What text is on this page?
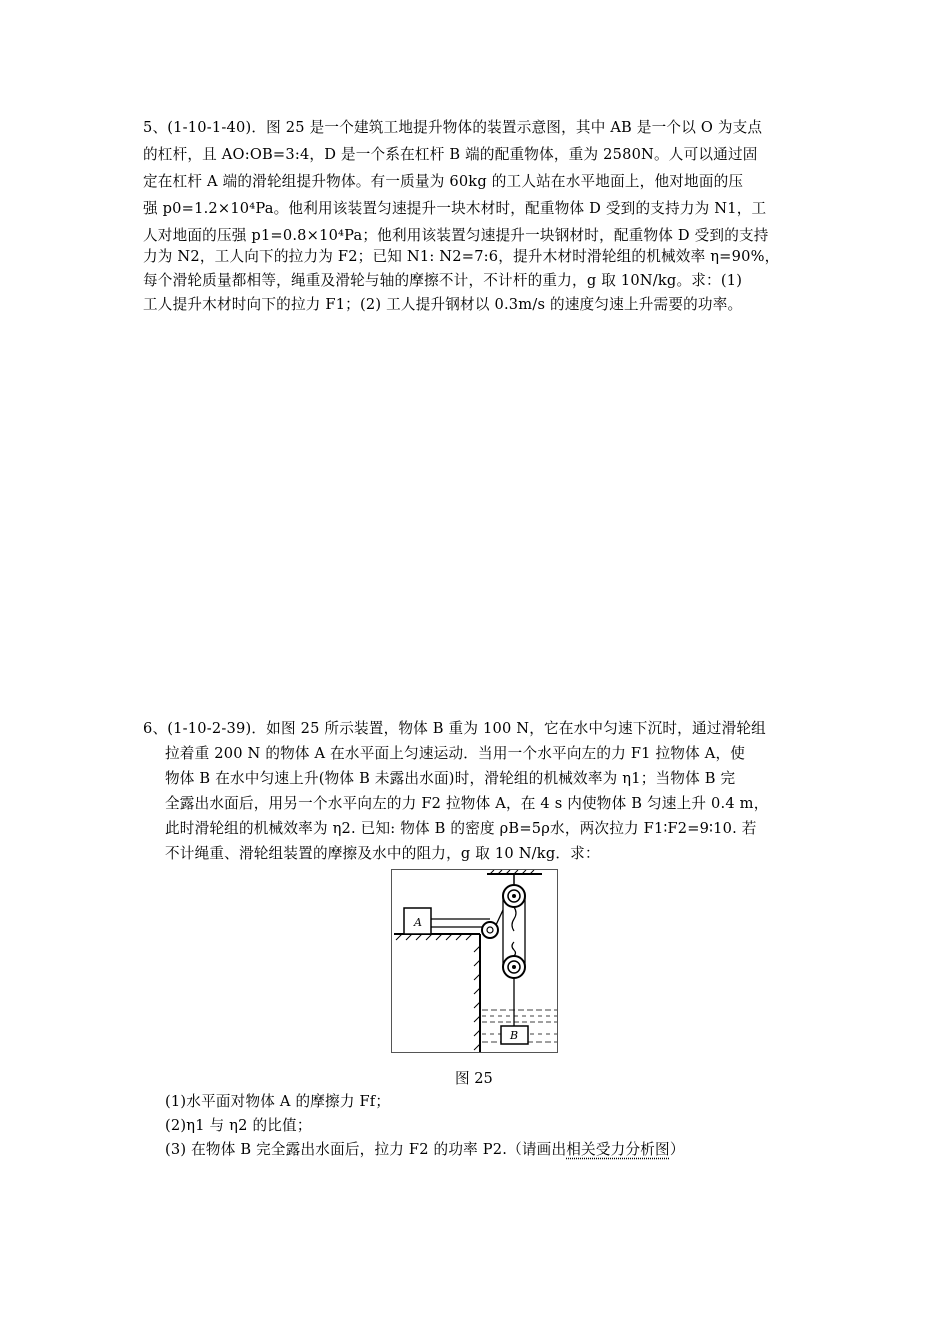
5、(1-10-1-40)．图 25 是一个建筑工地提升物体的装置示意图，其中 AB 是一个以 O 为支点
的杠杆，且 AO:OB=3:4，D 是一个系在杠杆 B 端的配重物体，重为 2580N。人可以通过固
定在杠杆 A 端的滑轮组提升物体。有一质量为 60kg 的工人站在水平地面上，他对地面的压
强 p0=1.2×10⁴Pa。他利用该装置匀速提升一块木材时，配重物体 D 受到的支持力为 N1，工
人对地面的压强 p1=0.8×10⁴Pa；他利用该装置匀速提升一块钢材时，配重物体 D 受到的支持
力为 N2，工人向下的拉力为 F2；已知 N1: N2=7:6，提升木材时滑轮组的机械效率 η=90%，
每个滑轮质量都相等，绳重及滑轮与轴的摩擦不计，不计杆的重力，g 取 10N/kg。求：(1)
工人提升木材时向下的拉力 F1；(2) 工人提升钢材以 0.3m/s 的速度匀速上升需要的功率。
6、(1-10-2-39)．如图 25 所示装置，物体 B 重为 100 N，它在水中匀速下沉时，通过滑轮组
拉着重 200 N 的物体 A 在水平面上匀速运动．当用一个水平向左的力 F1 拉物体 A，使
物体 B 在水中匀速上升(物体 B 未露出水面)时，滑轮组的机械效率为 η1；当物体 B 完
全露出水面后，用另一个水平向左的力 F2 拉物体 A，在 4 s 内使物体 B 匀速上升 0.4 m，
此时滑轮组的机械效率为 η2. 已知: 物体 B 的密度 ρB=5ρ水，两次拉力 F1∶F2=9∶10. 若
不计绳重、滑轮组装置的摩擦及水中的阻力，g 取 10 N/kg．求：
A
B
图 25
(1)水平面对物体 A 的摩擦力 Ff；
(2)η1 与 η2 的比值；
(3) 在物体 B 完全露出水面后，拉力 F2 的功率 P2.（请画出相关受力分析图）
